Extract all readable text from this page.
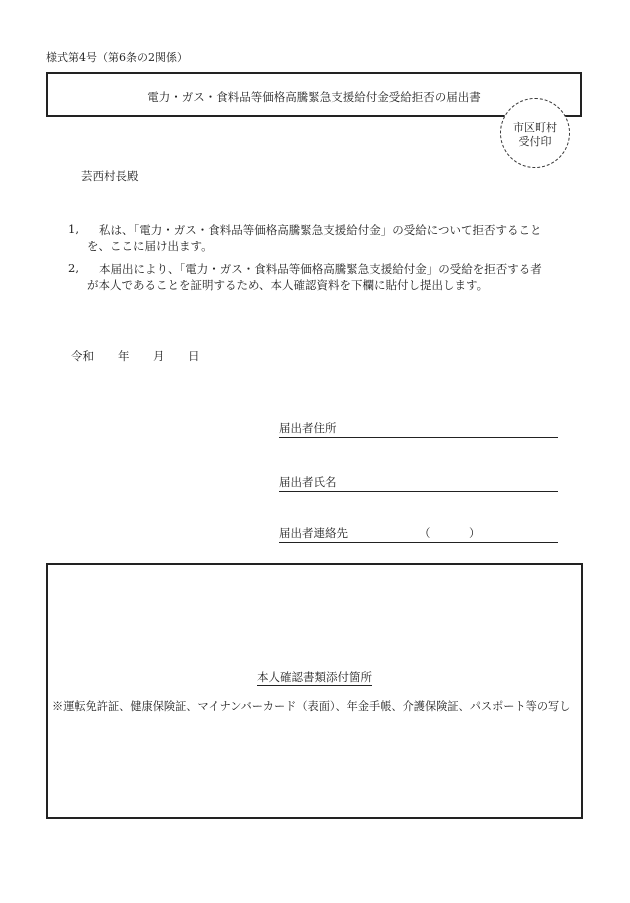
様式第4号（第6条の2関係）
電力・ガス・食料品等価格高騰緊急支援給付金受給拒否の届出書
市区町村
受付印
芸西村長殿
1, 私は、「電力・ガス・食料品等価格高騰緊急支援給付金」の受給について拒否すること
を、ここに届け出ます。
2, 本届出により、「電力・ガス・食料品等価格高騰緊急支援給付金」の受給を拒否する者
が本人であることを証明するため、本人確認資料を下欄に貼付し提出します。
令和 年 月 日
届出者住所
届出者氏名
届出者連絡先	（	）
本人確認書類添付箇所
※運転免許証、健康保険証、マイナンバーカード（表面）、年金手帳、介護保険証、パスポート等の写し
